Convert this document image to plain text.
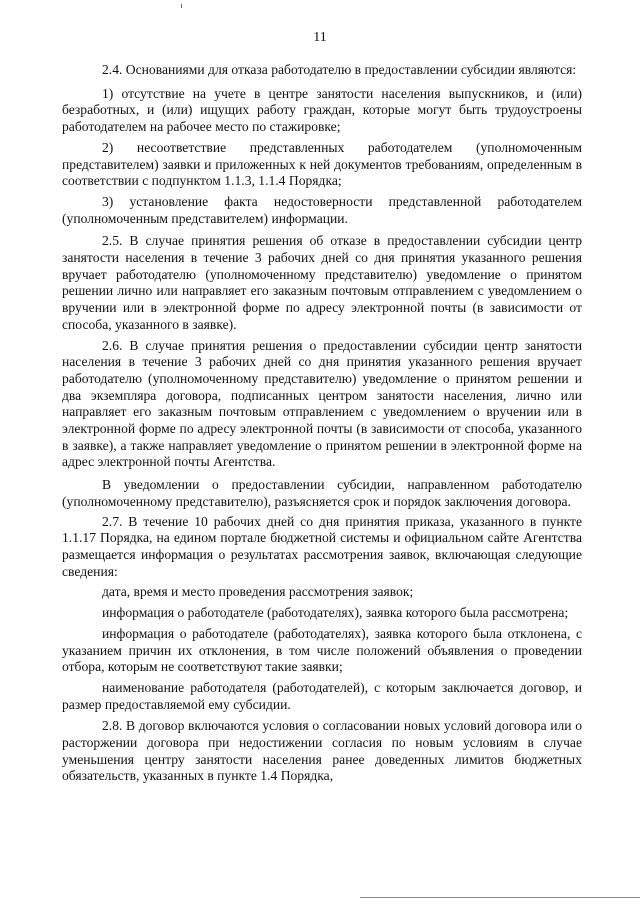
11

2.4. Основаниями для отказа работодателю в предоставлении субсидии являются:

1) отсутствие на учете в центре занятости населения выпускников, и (или) безработных, и (или) ищущих работу граждан, которые могут быть трудоустроены работодателем на рабочее место по стажировке;

2) несоответствие представленных работодателем (уполномоченным представителем) заявки и приложенных к ней документов требованиям, определенным в соответствии с подпунктом 1.1.3, 1.1.4 Порядка;

3) установление факта недостоверности представленной работодателем (уполномоченным представителем) информации.

2.5. В случае принятия решения об отказе в предоставлении субсидии центр занятости населения в течение 3 рабочих дней со дня принятия указанного решения вручает работодателю (уполномоченному представителю) уведомление о принятом решении лично или направляет его заказным почтовым отправлением с уведомлением о вручении или в электронной форме по адресу электронной почты (в зависимости от способа, указанного в заявке).

2.6. В случае принятия решения о предоставлении субсидии центр занятости населения в течение 3 рабочих дней со дня принятия указанного решения вручает работодателю (уполномоченному представителю) уведомление о принятом решении и два экземпляра договора, подписанных центром занятости населения, лично или направляет его заказным почтовым отправлением с уведомлением о вручении или в электронной форме по адресу электронной почты (в зависимости от способа, указанного в заявке), а также направляет уведомление о принятом решении в электронной форме на адрес электронной почты Агентства.

В уведомлении о предоставлении субсидии, направленном работодателю (уполномоченному представителю), разъясняется срок и порядок заключения договора.

2.7. В течение 10 рабочих дней со дня принятия приказа, указанного в пункте 1.1.17 Порядка, на едином портале бюджетной системы и официальном сайте Агентства размещается информация о результатах рассмотрения заявок, включающая следующие сведения:

дата, время и место проведения рассмотрения заявок;

информация о работодателе (работодателях), заявка которого была рассмотрена;

информация о работодателе (работодателях), заявка которого была отклонена, с указанием причин их отклонения, в том числе положений объявления о проведении отбора, которым не соответствуют такие заявки;

наименование работодателя (работодателей), с которым заключается договор, и размер предоставляемой ему субсидии.

2.8. В договор включаются условия о согласовании новых условий договора или о расторжении договора при недостижении согласия по новым условиям в случае уменьшения центру занятости населения ранее доведенных лимитов бюджетных обязательств, указанных в пункте 1.4 Порядка,
